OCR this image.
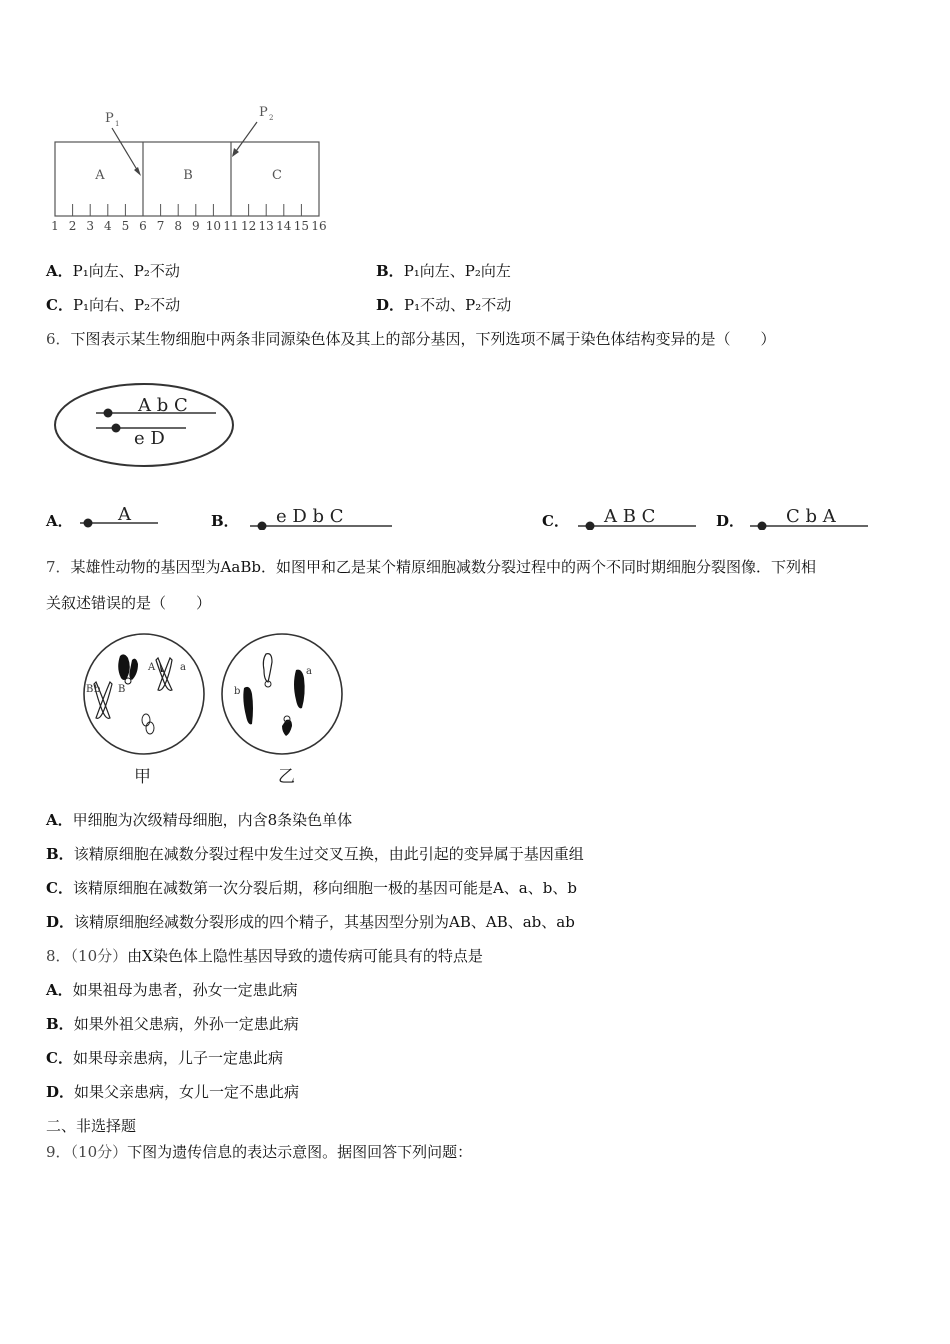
1 2 3 4 5 6 7 8 9 10 11 12 13 14 15 16
A	B	C
P 1
P 2
A．P₁向左、P₂不动	B．P₁向左、P₂向左
C．P₁向右、P₂不动	D．P₁不动、P₂不动
6．下图表示某生物细胞中两条非同源染色体及其上的部分基因，下列选项不属于染色体结构变异的是（　　）
A b C
e D
A．	A	B． e D b C	C． A B C	D． C b A
7．某雄性动物的基因型为AaBb．如图甲和乙是某个精原细胞减数分裂过程中的两个不同时期细胞分裂图像．下列相
关叙述错误的是（　　）
A a
B b B
甲
a
b
乙
A．甲细胞为次级精母细胞，内含8条染色单体
B．该精原细胞在减数分裂过程中发生过交叉互换，由此引起的变异属于基因重组
C．该精原细胞在减数第一次分裂后期，移向细胞一极的基因可能是A、a、b、b
D．该精原细胞经减数分裂形成的四个精子，其基因型分别为AB、AB、ab、ab
8．（10分）由X染色体上隐性基因导致的遗传病可能具有的特点是
A．如果祖母为患者，孙女一定患此病
B．如果外祖父患病，外孙一定患此病
C．如果母亲患病，儿子一定患此病
D．如果父亲患病，女儿一定不患此病
二、非选择题
9．（10分）下图为遗传信息的表达示意图。据图回答下列问题：
